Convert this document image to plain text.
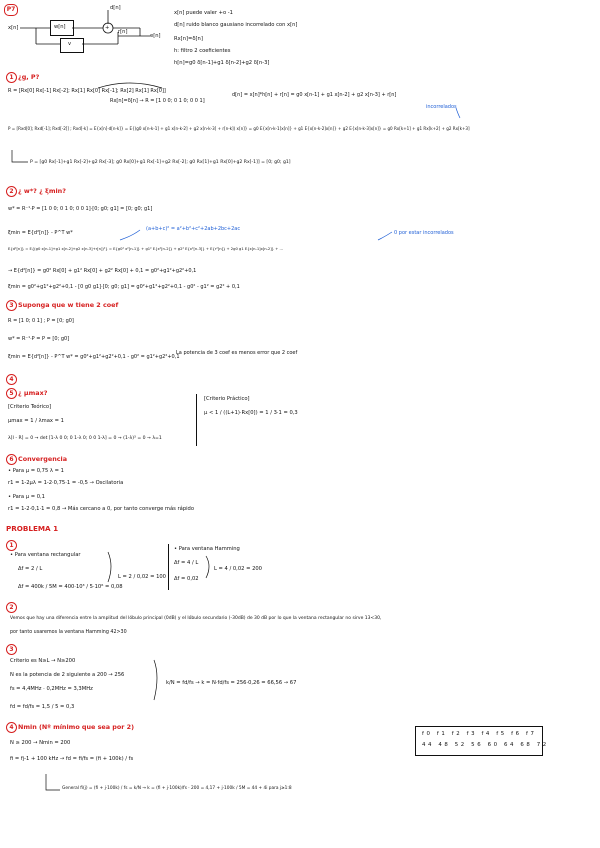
P7
x[n]	w[n]
v
+
d[n]
r[n]
e[n]
x[n] puede valer +o -1
d[n] ruido blanco gausiano incorrelado con x[n]
Rx[n]=δ[n]
h: filtro 2 coeficientes
h[n]=g0 δ[n-1]+g1 δ[n-2]+g2 δ[n-3]
1 ¿g, P?
R = [Rx[0] Rx[-1] Rx[-2]; Rx[1] Rx[0] Rx[-1]; Rx[2] Rx[1] Rx[0]]
Rx[n]=δ[n] → R = [1 0 0; 0 1 0; 0 0 1]
d[n] = x[n]*h[n] + r[n] = g0 x[n-1] + g1 x[n-2] + g2 x[n-3] + r[n]
P = [Rxd[0]; Rxd[-1]; Rxd[-2]] ; Rxd[-k] = E{x[n]·d[n-k]} = E{(g0 x[n-k-1] + g1 x[n-k-2] + g2 x[n-k-3] + r[n-k]) x[n]} = g0 E{x[n-k-1]x[n]} + g1 E{x[n-k-2]x[n]} + g2 E{x[n-k-3]x[n]} = g0 Rx[k+1] + g1 Rx[k+2] + g2 Rx[k+3]
incorrelados
P = [g0 Rx[-1]+g1 Rx[-2]+g2 Rx[-3]; g0 Rx[0]+g1 Rx[-1]+g2 Rx[-2]; g0 Rx[1]+g1 Rx[0]+g2 Rx[-1]] = [0; g0; g1]
2 ¿ w*? ¿ ξmin?
w* = R⁻¹·P = [1 0 0; 0 1 0; 0 0 1]·[0; g0; g1] = [0; g0; g1]
ξmin = E{d²[n]} - P^T w*
(a+b+c)² = a²+b²+c²+2ab+2bc+2ac
0 por estar incorrelados
E{d²[n]} = E{(g0 x[n-1]+g1 x[n-2]+g2 x[n-3]+r[n])²} = E{g0² x²[n-1]} + g1² E{x²[n-2]} + g2² E{x²[n-3]} + E{r²[n]} + 2g0 g1 E{x[n-1]x[n-2]} + ...
→ E{d²[n]} = g0² Rx[0] + g1² Rx[0] + g2² Rx[0] + 0,1 = g0²+g1²+g2²+0,1
ξmin = g0²+g1²+g2²+0,1 - [0 g0 g1]·[0; g0; g1] = g0²+g1²+g2²+0,1 - g0² - g1² = g2² + 0,1
3 Suponga que w tiene 2 coef
R = [1 0; 0 1] ; P = [0; g0]
w* = R⁻¹·P = P = [0; g0]
ξmin = E{d²[n]} - P^T w* = g0²+g1²+g2²+0,1 - g0² = g1²+g2²+0,1
La potencia de 3 coef es menos error que 2 coef
4
5 ¿ μmax?
[Criterio Teórico]
μmax = 1 / λmax = 1
λ[I - R] = 0 → det [1-λ 0 0; 0 1-λ 0; 0 0 1-λ] = 0 → (1-λ)³ = 0 → λ=1
[Criterio Práctico]
μ < 1 / ((L+1)·Rx[0]) = 1 / 3·1 = 0,3
6 Convergencia
• Para μ = 0,75 λ = 1
r1 = 1-2μλ = 1-2·0,75·1 = -0,5 → Oscilatoria
• Para μ = 0,1
r1 = 1-2·0,1·1 = 0,8 → Más cercano a 0, por tanto converge más rápido
PROBLEMA 1
1
• Para ventana rectangular
Δf = 2 / L
Δf = 400k / 5M = 400·10³ / 5·10⁶ = 0,08
L = 2 / 0,02 = 100
• Para ventana Hamming
Δf = 4 / L
Δf = 0,02
L = 4 / 0,02 = 200
2
Vemos que hay una diferencia entre la amplitud del lóbulo principal (0dB) y el lóbulo secundario (-30dB) de 30 dB por lo que la ventana rectangular no sirve 13<30,
por tanto usaremos la ventana Hamming 42>30
3
Criterio es N≥L → N≥200
N es la potencia de 2 siguiente a 200 → 256
fs = 4,4MHz · 0,2MHz = 3,3MHz
fd = fd/fs = 1,5 / 5 = 0,3
k/N = fd/fs → k = N·fd/fs = 256·0,26 = 66,56 → 67
4 Nmin (Nº mínimo que sea por 2)
N ≥ 200 → Nmin = 200
fi = fj-1 + 100 kHz → fd = fi/fs = (fi + 100k) / fs
General fi(j) = (fi + j·100k) / fs = k/N → k = (fi + j·100k)/fs · 200 = 4,17 + j·100k / 5M = 44 + 4i para j≥1:8
f0 f1 f2 f3 f4 f5 f6 f7
44 48 52 56 60 64 68 72
